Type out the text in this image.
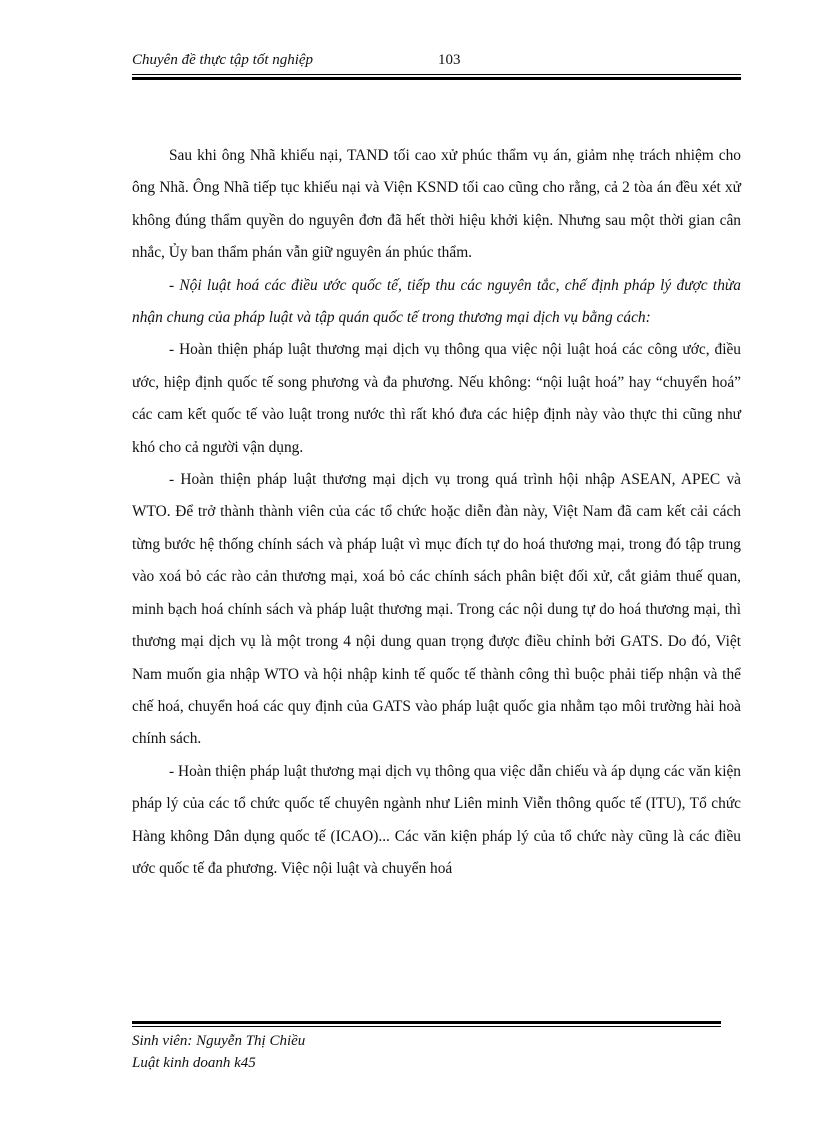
Chuyên đề thực tập tốt nghiệp	103

Sau khi ông Nhã khiếu nại, TAND tối cao xử phúc thẩm vụ án, giảm nhẹ trách nhiệm cho ông Nhã. Ông Nhã tiếp tục khiếu nại và Viện KSND tối cao cũng cho rằng, cả 2 tòa án đều xét xử không đúng thẩm quyền do nguyên đơn đã hết thời hiệu khởi kiện. Nhưng sau một thời gian cân nhắc, Ủy ban thẩm phán vẫn giữ nguyên án phúc thẩm.

- Nội luật hoá các điều ước quốc tế, tiếp thu các nguyên tắc, chế định pháp lý được thừa nhận chung của pháp luật và tập quán quốc tế trong thương mại dịch vụ bằng cách:

- Hoàn thiện pháp luật thương mại dịch vụ thông qua việc nội luật hoá các công ước, điều ước, hiệp định quốc tế song phương và đa phương. Nếu không: “nội luật hoá” hay “chuyển hoá” các cam kết quốc tế vào luật trong nước thì rất khó đưa các hiệp định này vào thực thi cũng như khó cho cả người vận dụng.

- Hoàn thiện pháp luật thương mại dịch vụ trong quá trình hội nhập ASEAN, APEC và WTO. Để trở thành thành viên của các tổ chức hoặc diễn đàn này, Việt Nam đã cam kết cải cách từng bước hệ thống chính sách và pháp luật vì mục đích tự do hoá thương mại, trong đó tập trung vào xoá bỏ các rào cản thương mại, xoá bỏ các chính sách phân biệt đối xử, cắt giảm thuế quan, minh bạch hoá chính sách và pháp luật thương mại. Trong các nội dung tự do hoá thương mại, thì thương mại dịch vụ là một trong 4 nội dung quan trọng được điều chỉnh bởi GATS. Do đó, Việt Nam muốn gia nhập WTO và hội nhập kinh tế quốc tế thành công thì buộc phải tiếp nhận và thể chế hoá, chuyển hoá các quy định của GATS vào pháp luật quốc gia nhằm tạo môi trường hài hoà chính sách.

- Hoàn thiện pháp luật thương mại dịch vụ thông qua việc dẫn chiếu và áp dụng các văn kiện pháp lý của các tổ chức quốc tế chuyên ngành như Liên minh Viễn thông quốc tế (ITU), Tổ chức Hàng không Dân dụng quốc tế (ICAO)... Các văn kiện pháp lý của tổ chức này cũng là các điều ước quốc tế đa phương. Việc nội luật và chuyển hoá

Sinh viên: Nguyễn Thị Chiều
Luật kinh doanh k45
